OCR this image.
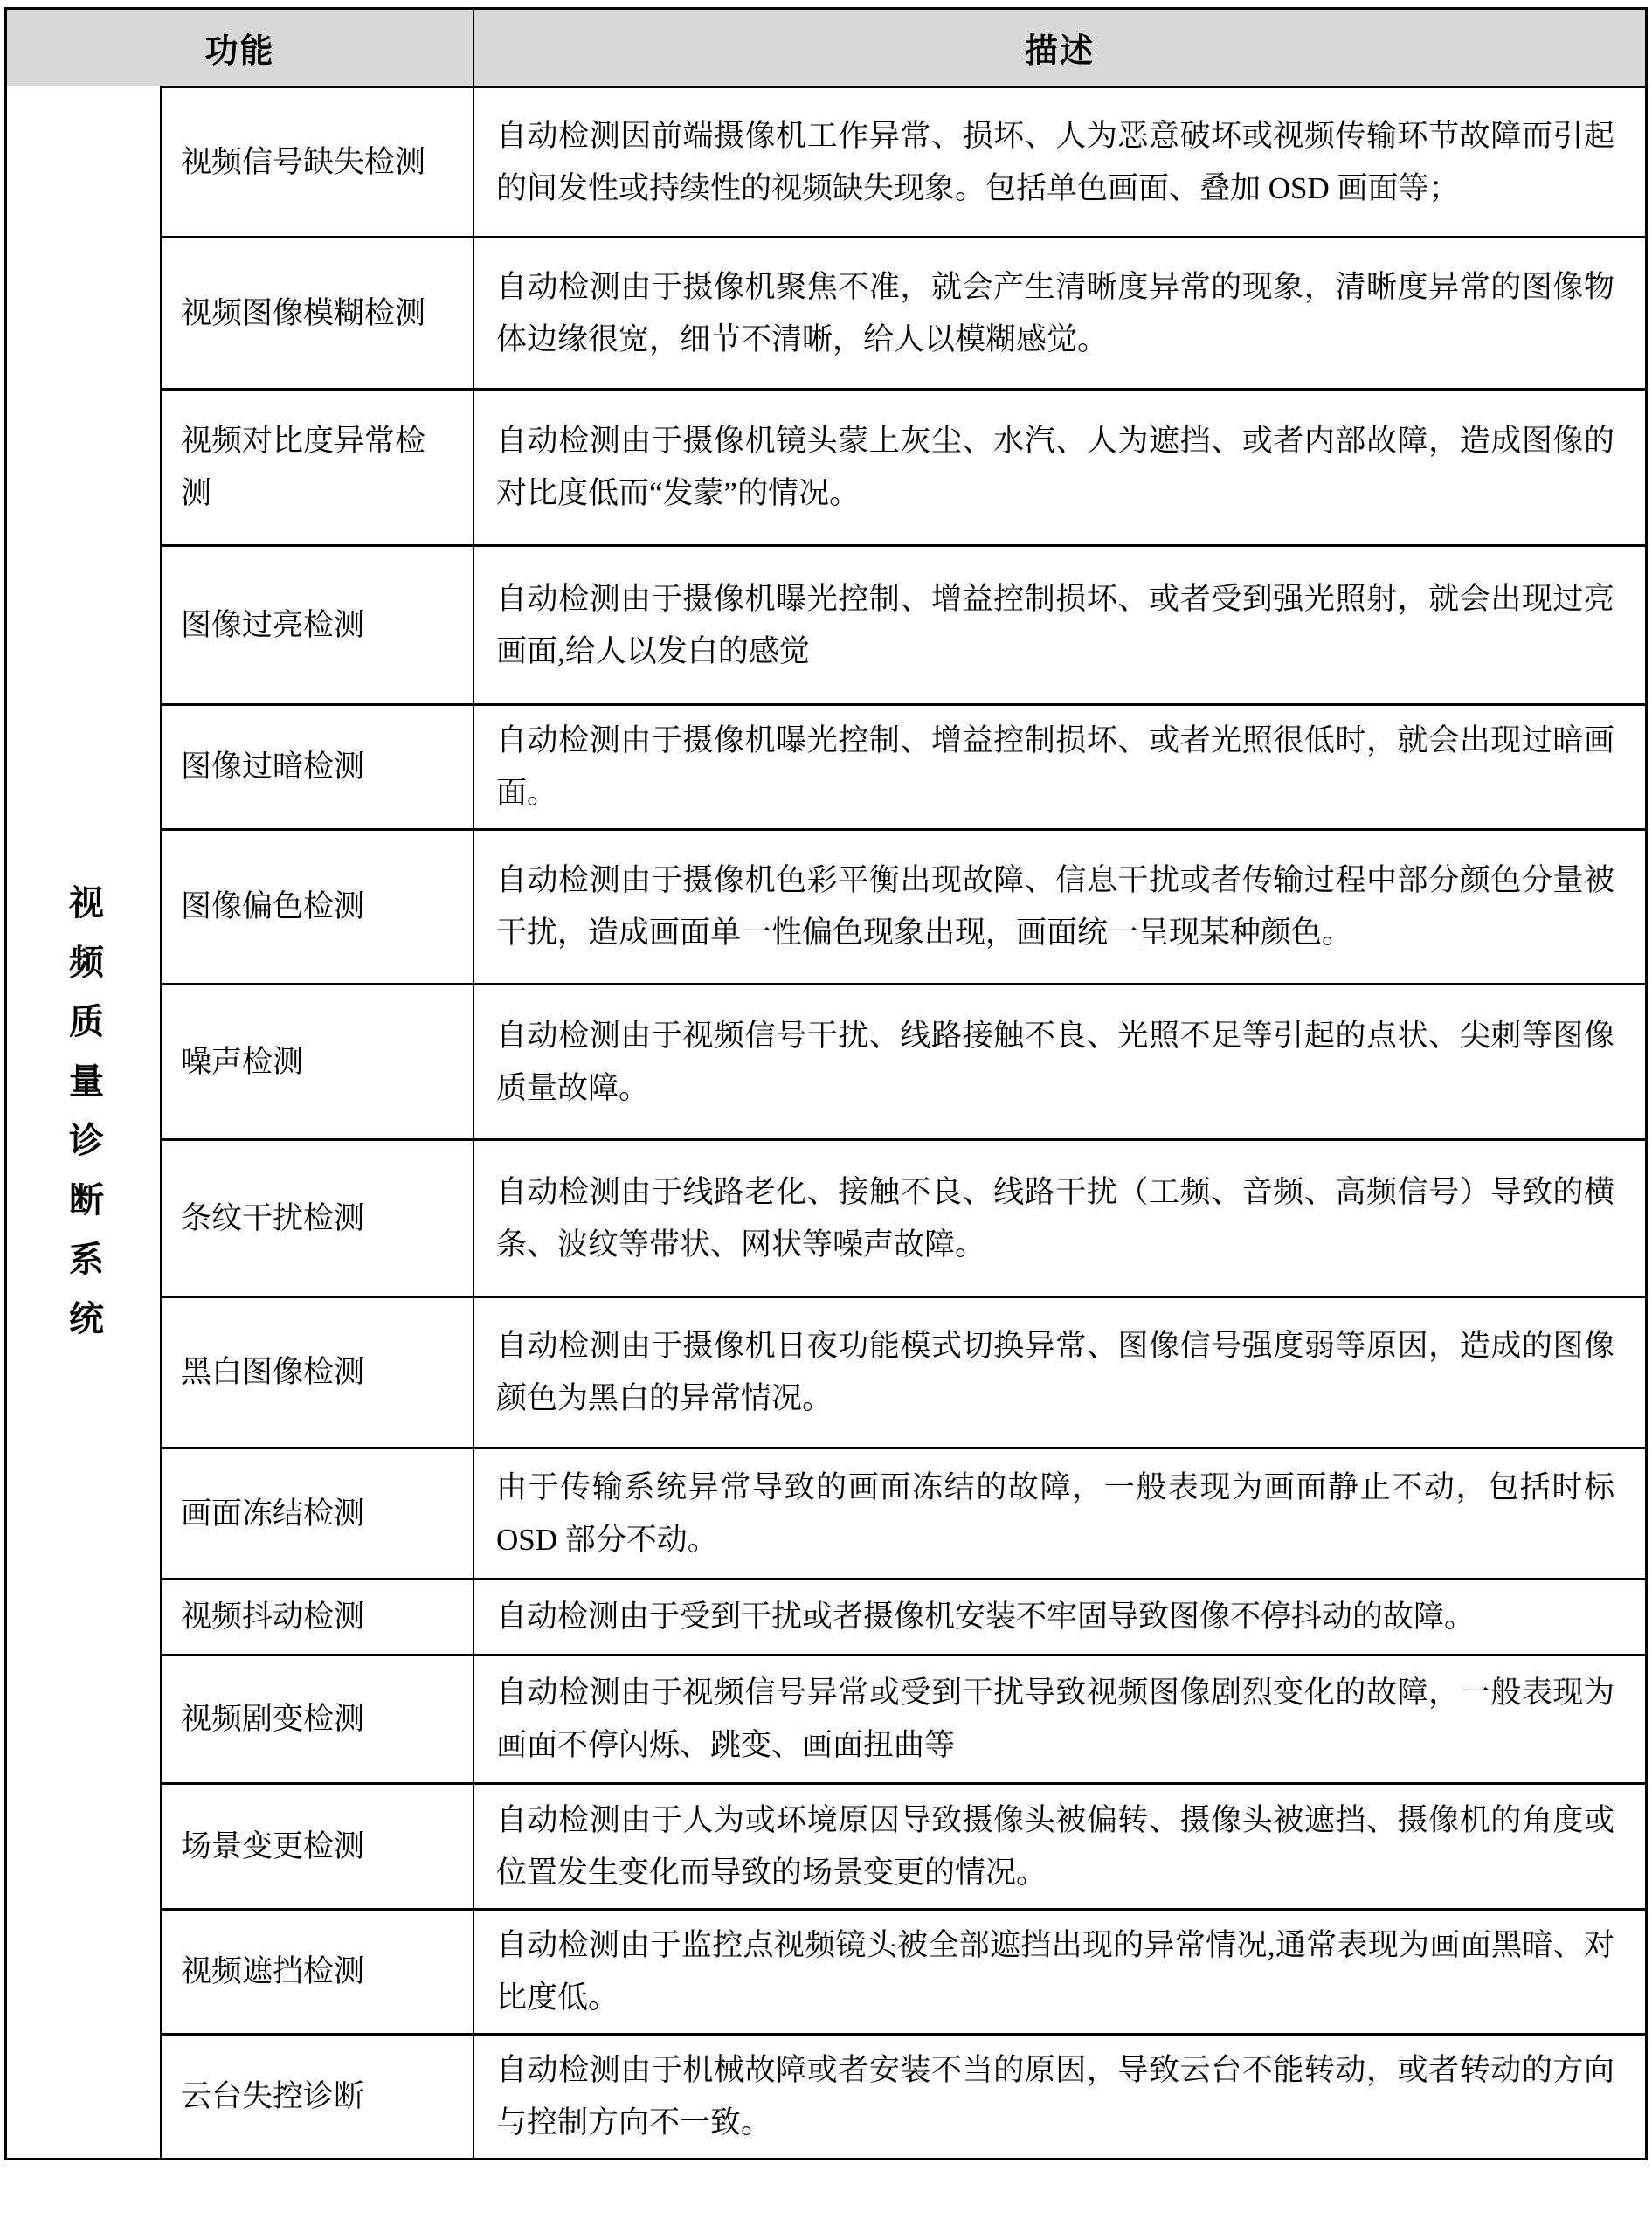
功能	描述
视频质量诊断系统
视频信号缺失检测
自动检测因前端摄像机工作异常、损坏、人为恶意破坏或视频传输环节故障而引起的间发性或持续性的视频缺失现象。包括单色画面、叠加 OSD 画面等；
视频图像模糊检测
自动检测由于摄像机聚焦不准，就会产生清晰度异常的现象，清晰度异常的图像物体边缘很宽，细节不清晰，给人以模糊感觉。
视频对比度异常检测
自动检测由于摄像机镜头蒙上灰尘、水汽、人为遮挡、或者内部故障，造成图像的对比度低而“发蒙”的情况。
图像过亮检测
自动检测由于摄像机曝光控制、增益控制损坏、或者受到强光照射，就会出现过亮画面,给人以发白的感觉
图像过暗检测
自动检测由于摄像机曝光控制、增益控制损坏、或者光照很低时，就会出现过暗画面。
图像偏色检测
自动检测由于摄像机色彩平衡出现故障、信息干扰或者传输过程中部分颜色分量被干扰，造成画面单一性偏色现象出现，画面统一呈现某种颜色。
噪声检测
自动检测由于视频信号干扰、线路接触不良、光照不足等引起的点状、尖刺等图像质量故障。
条纹干扰检测
自动检测由于线路老化、接触不良、线路干扰（工频、音频、高频信号）导致的横条、波纹等带状、网状等噪声故障。
黑白图像检测
自动检测由于摄像机日夜功能模式切换异常、图像信号强度弱等原因，造成的图像颜色为黑白的异常情况。
画面冻结检测
由于传输系统异常导致的画面冻结的故障，一般表现为画面静止不动，包括时标 OSD 部分不动。
视频抖动检测	自动检测由于受到干扰或者摄像机安装不牢固导致图像不停抖动的故障。
视频剧变检测
自动检测由于视频信号异常或受到干扰导致视频图像剧烈变化的故障，一般表现为画面不停闪烁、跳变、画面扭曲等
场景变更检测
自动检测由于人为或环境原因导致摄像头被偏转、摄像头被遮挡、摄像机的角度或位置发生变化而导致的场景变更的情况。
视频遮挡检测
自动检测由于监控点视频镜头被全部遮挡出现的异常情况,通常表现为画面黑暗、对比度低。
云台失控诊断
自动检测由于机械故障或者安装不当的原因，导致云台不能转动，或者转动的方向与控制方向不一致。
